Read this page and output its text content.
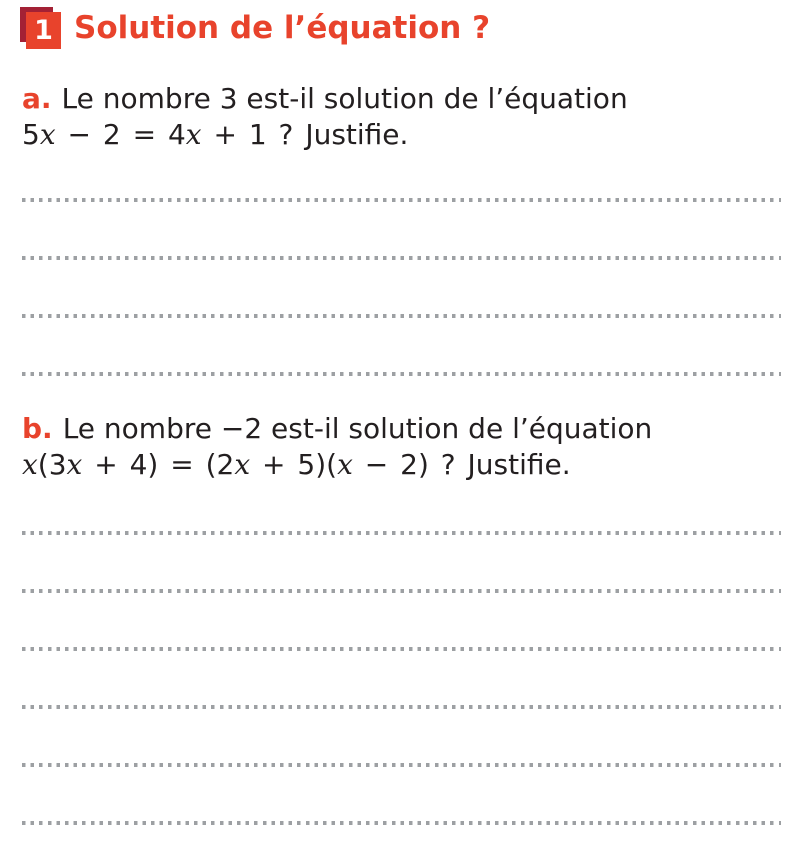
1 Solution de l’équation ?

a. Le nombre 3 est-il solution de l’équation
5x − 2 = 4x + 1 ? Justifie.

b. Le nombre −2 est-il solution de l’équation
x(3x + 4) = (2x + 5)(x − 2) ? Justifie.
